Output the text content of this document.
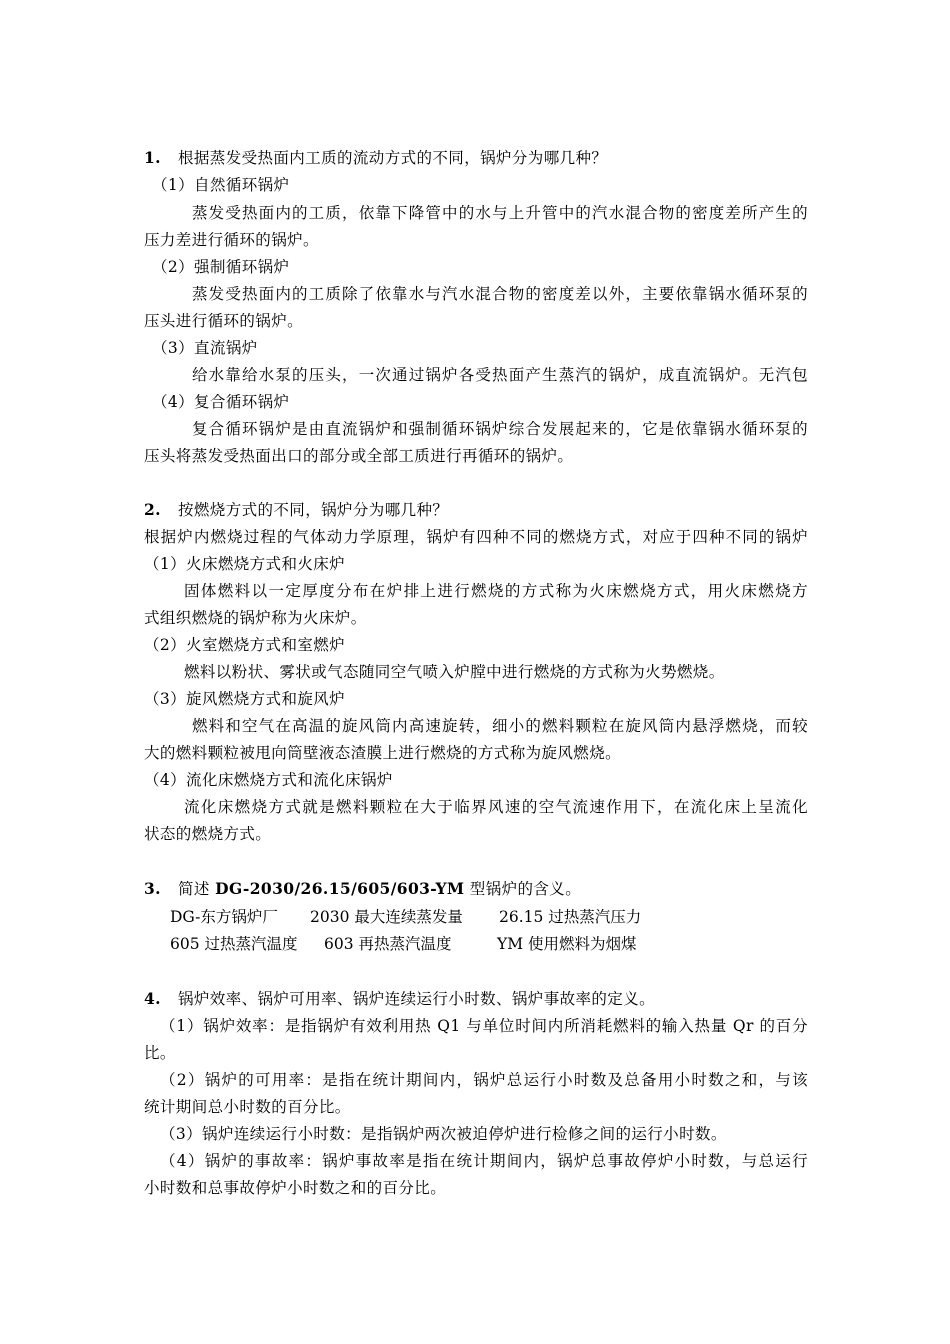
1. 根据蒸发受热面内工质的流动方式的不同，锅炉分为哪几种？
（1）自然循环锅炉
蒸发受热面内的工质，依靠下降管中的水与上升管中的汽水混合物的密度差所产生的
压力差进行循环的锅炉。
（2）强制循环锅炉
蒸发受热面内的工质除了依靠水与汽水混合物的密度差以外，主要依靠锅水循环泵的
压头进行循环的锅炉。
（3）直流锅炉
给水靠给水泵的压头，一次通过锅炉各受热面产生蒸汽的锅炉，成直流锅炉。无汽包
（4）复合循环锅炉
复合循环锅炉是由直流锅炉和强制循环锅炉综合发展起来的，它是依靠锅水循环泵的
压头将蒸发受热面出口的部分或全部工质进行再循环的锅炉。
2. 按燃烧方式的不同，锅炉分为哪几种？
根据炉内燃烧过程的气体动力学原理，锅炉有四种不同的燃烧方式，对应于四种不同的锅炉
（1）火床燃烧方式和火床炉
固体燃料以一定厚度分布在炉排上进行燃烧的方式称为火床燃烧方式，用火床燃烧方
式组织燃烧的锅炉称为火床炉。
（2）火室燃烧方式和室燃炉
燃料以粉状、雾状或气态随同空气喷入炉膛中进行燃烧的方式称为火势燃烧。
（3）旋风燃烧方式和旋风炉
燃料和空气在高温的旋风筒内高速旋转，细小的燃料颗粒在旋风筒内悬浮燃烧，而较
大的燃料颗粒被甩向筒壁液态渣膜上进行燃烧的方式称为旋风燃烧。
（4）流化床燃烧方式和流化床锅炉
流化床燃烧方式就是燃料颗粒在大于临界风速的空气流速作用下，在流化床上呈流化
状态的燃烧方式。
3. 简述 DG-2030/26.15/605/603-YM 型锅炉的含义。
DG-东方锅炉厂 2030 最大连续蒸发量 26.15 过热蒸汽压力
605 过热蒸汽温度 603 再热蒸汽温度	YM 使用燃料为烟煤
4. 锅炉效率、锅炉可用率、锅炉连续运行小时数、锅炉事故率的定义。
（1）锅炉效率：是指锅炉有效利用热 Q1 与单位时间内所消耗燃料的输入热量 Qr 的百分
比。
（2）锅炉的可用率：是指在统计期间内，锅炉总运行小时数及总备用小时数之和，与该
统计期间总小时数的百分比。
（3）锅炉连续运行小时数：是指锅炉两次被迫停炉进行检修之间的运行小时数。
（4）锅炉的事故率：锅炉事故率是指在统计期间内，锅炉总事故停炉小时数，与总运行
小时数和总事故停炉小时数之和的百分比。
